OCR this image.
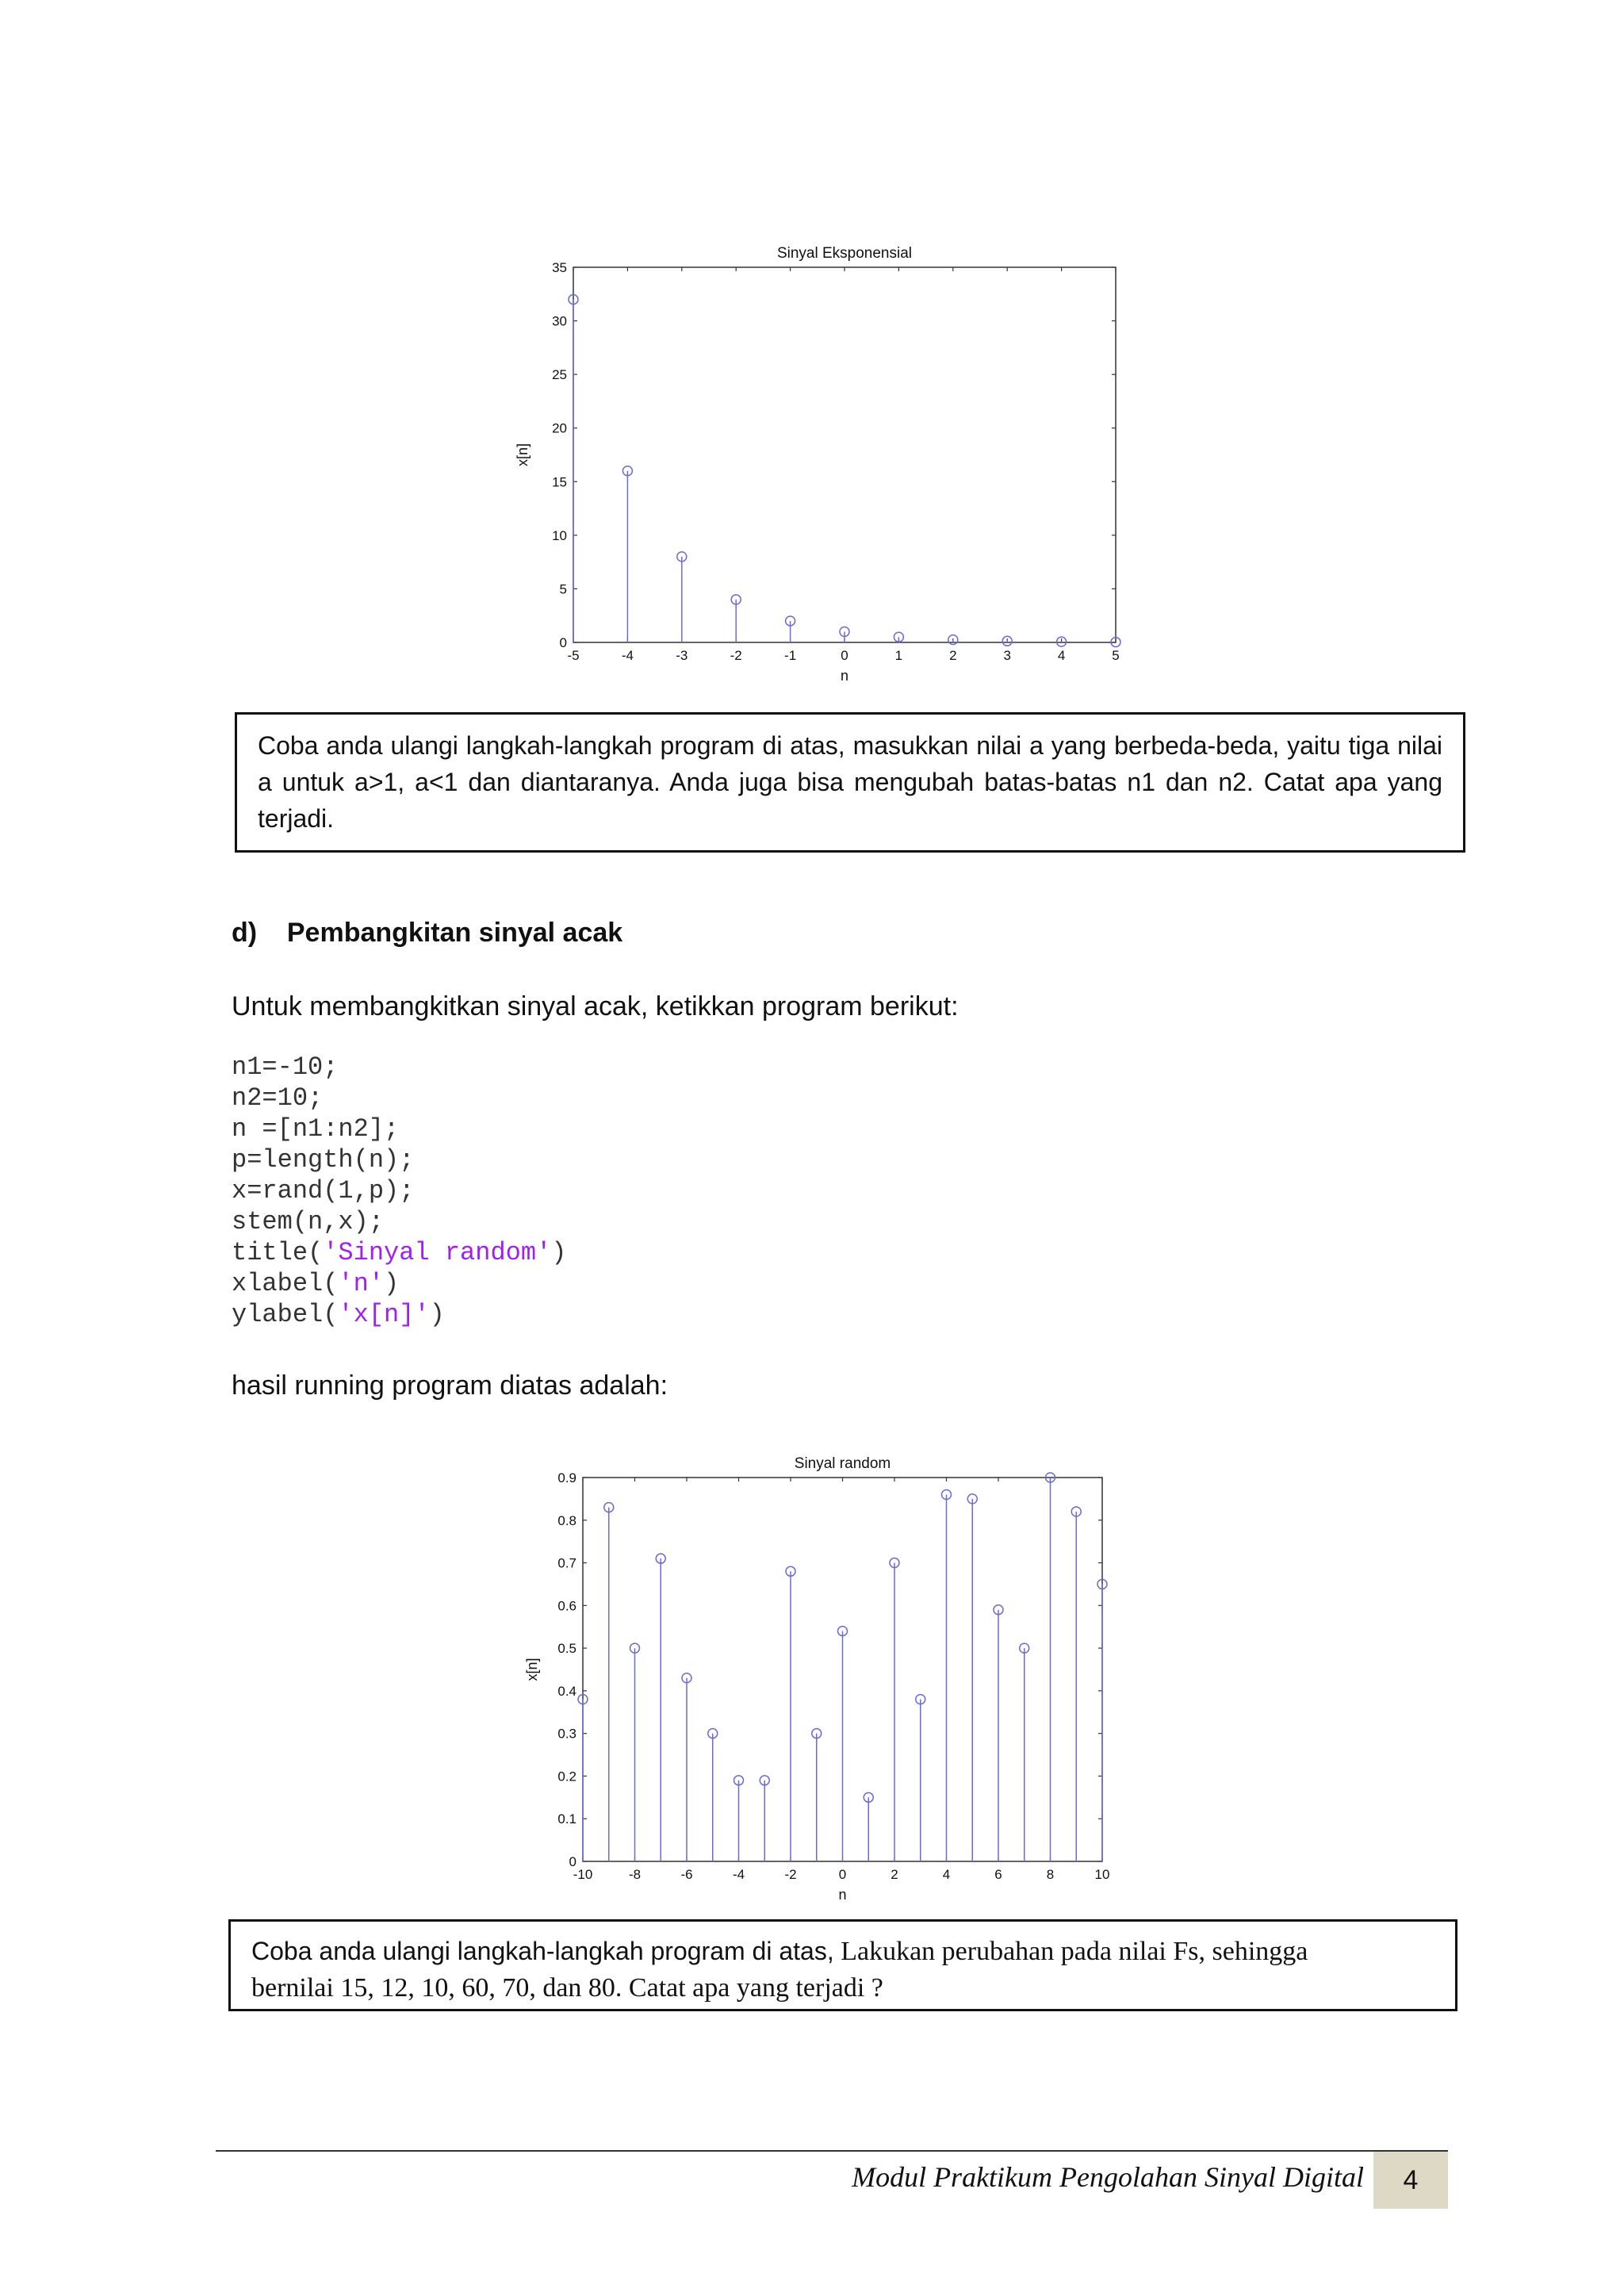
Sinyal Eksponensial
-5	-4	-3	-2	-1	0	1	2	3	4	5
0
5
10
15
20
25
30
35
n
x[n]
Coba anda ulangi langkah-langkah program di atas, masukkan nilai a yang berbeda-beda, yaitu tiga nilai a untuk a>1, a<1 dan diantaranya. Anda juga bisa mengubah batas-batas n1 dan n2. Catat apa yang terjadi.
d)    Pembangkitan sinyal acak
Untuk membangkitkan sinyal acak, ketikkan program berikut:
n1=-10;
n2=10;
n =[n1:n2];
p=length(n);
x=rand(1,p);
stem(n,x);
title('Sinyal random')
xlabel('n')
ylabel('x[n]')
hasil running program diatas adalah:
Sinyal random
-10	-8	-6	-4	-2	0	2	4	6	8	10
0
0.1
0.2
0.3
0.4
0.5
0.6
0.7
0.8
0.9
n
x[n]
Coba anda ulangi langkah-langkah program di atas, Lakukan perubahan pada nilai Fs, sehingga
bernilai 15, 12, 10, 60, 70, dan 80. Catat apa yang terjadi ?
Modul Praktikum Pengolahan Sinyal Digital	4
